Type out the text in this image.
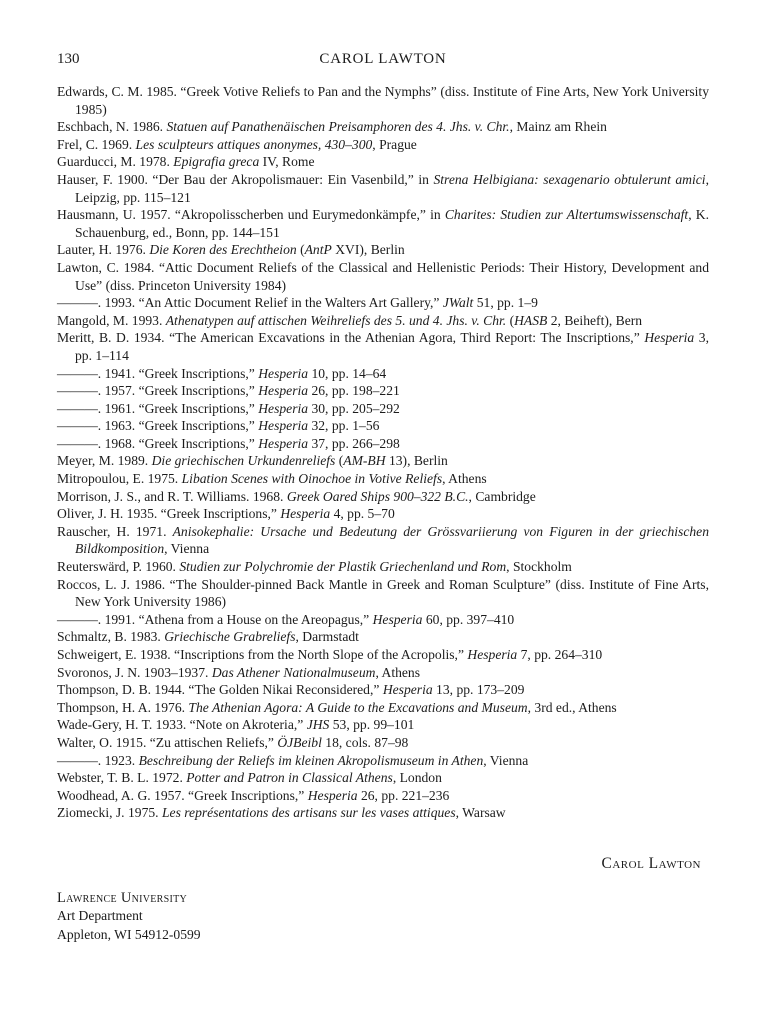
130	CAROL LAWTON

Edwards, C. M. 1985. “Greek Votive Reliefs to Pan and the Nymphs” (diss. Institute of Fine Arts, New York University 1985)

Eschbach, N. 1986. Statuen auf Panathenäischen Preisamphoren des 4. Jhs. v. Chr., Mainz am Rhein

Frel, C. 1969. Les sculpteurs attiques anonymes, 430–300, Prague

Guarducci, M. 1978. Epigrafia greca IV, Rome

Hauser, F. 1900. “Der Bau der Akropolismauer: Ein Vasenbild,” in Strena Helbigiana: sexagenario obtulerunt amici, Leipzig, pp. 115–121

Hausmann, U. 1957. “Akropolisscherben und Eurymedonkämpfe,” in Charites: Studien zur Altertumswissenschaft, K. Schauenburg, ed., Bonn, pp. 144–151

Lauter, H. 1976. Die Koren des Erechtheion (AntP XVI), Berlin

Lawton, C. 1984. “Attic Document Reliefs of the Classical and Hellenistic Periods: Their History, Development and Use” (diss. Princeton University 1984)

———. 1993. “An Attic Document Relief in the Walters Art Gallery,” JWalt 51, pp. 1–9

Mangold, M. 1993. Athenatypen auf attischen Weihreliefs des 5. und 4. Jhs. v. Chr. (HASB 2, Beiheft), Bern

Meritt, B. D. 1934. “The American Excavations in the Athenian Agora, Third Report: The Inscriptions,” Hesperia 3, pp. 1–114

———. 1941. “Greek Inscriptions,” Hesperia 10, pp. 14–64

———. 1957. “Greek Inscriptions,” Hesperia 26, pp. 198–221

———. 1961. “Greek Inscriptions,” Hesperia 30, pp. 205–292

———. 1963. “Greek Inscriptions,” Hesperia 32, pp. 1–56

———. 1968. “Greek Inscriptions,” Hesperia 37, pp. 266–298

Meyer, M. 1989. Die griechischen Urkundenreliefs (AM-BH 13), Berlin

Mitropoulou, E. 1975. Libation Scenes with Oinochoe in Votive Reliefs, Athens

Morrison, J. S., and R. T. Williams. 1968. Greek Oared Ships 900–322 B.C., Cambridge

Oliver, J. H. 1935. “Greek Inscriptions,” Hesperia 4, pp. 5–70

Rauscher, H. 1971. Anisokephalie: Ursache und Bedeutung der Grössvariierung von Figuren in der griechischen Bildkomposition, Vienna

Reuterswärd, P. 1960. Studien zur Polychromie der Plastik Griechenland und Rom, Stockholm

Roccos, L. J. 1986. “The Shoulder-pinned Back Mantle in Greek and Roman Sculpture” (diss. Institute of Fine Arts, New York University 1986)

———. 1991. “Athena from a House on the Areopagus,” Hesperia 60, pp. 397–410

Schmaltz, B. 1983. Griechische Grabreliefs, Darmstadt

Schweigert, E. 1938. “Inscriptions from the North Slope of the Acropolis,” Hesperia 7, pp. 264–310

Svoronos, J. N. 1903–1937. Das Athener Nationalmuseum, Athens

Thompson, D. B. 1944. “The Golden Nikai Reconsidered,” Hesperia 13, pp. 173–209

Thompson, H. A. 1976. The Athenian Agora: A Guide to the Excavations and Museum, 3rd ed., Athens

Wade-Gery, H. T. 1933. “Note on Akroteria,” JHS 53, pp. 99–101

Walter, O. 1915. “Zu attischen Reliefs,” ÖJBeibl 18, cols. 87–98

———. 1923. Beschreibung der Reliefs im kleinen Akropolismuseum in Athen, Vienna

Webster, T. B. L. 1972. Potter and Patron in Classical Athens, London

Woodhead, A. G. 1957. “Greek Inscriptions,” Hesperia 26, pp. 221–236

Ziomecki, J. 1975. Les représentations des artisans sur les vases attiques, Warsaw

Carol Lawton
Lawrence University
Art Department
Appleton, WI 54912-0599
